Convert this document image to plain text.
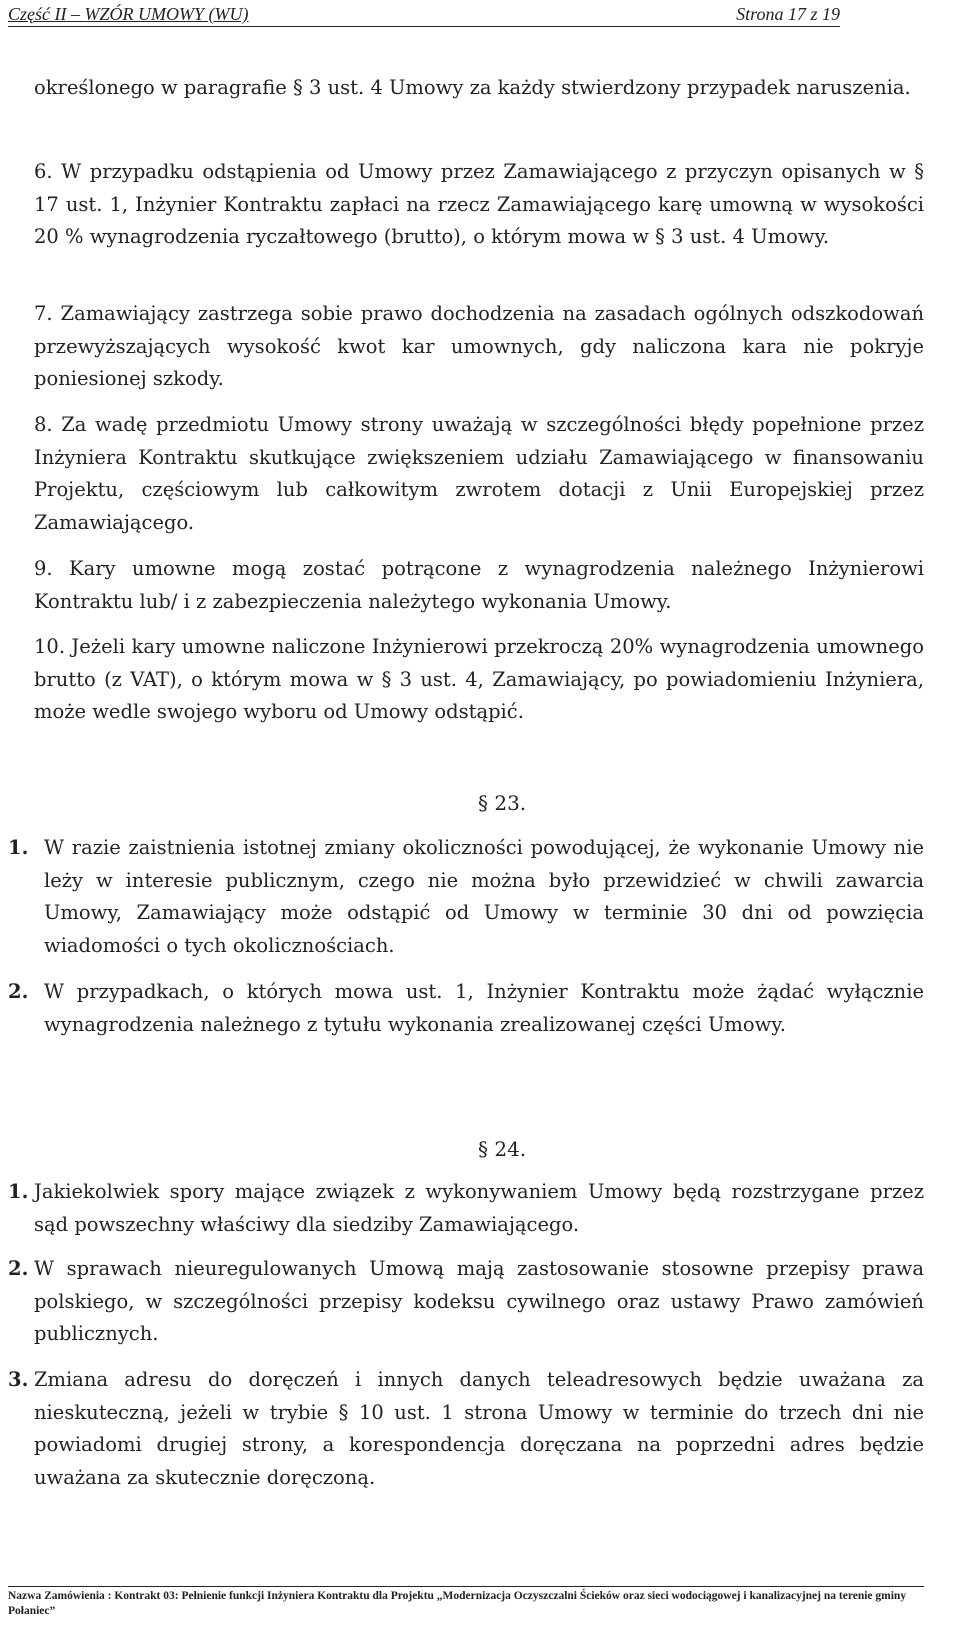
Część II – WZÓR UMOWY (WU)	Strona 17 z 19
określonego w paragrafie § 3 ust. 4 Umowy za każdy stwierdzony przypadek naruszenia.
6. W przypadku odstąpienia od Umowy przez Zamawiającego z przyczyn opisanych w § 17 ust. 1, Inżynier Kontraktu zapłaci na rzecz Zamawiającego karę umowną w wysokości 20 % wynagrodzenia ryczałtowego (brutto), o którym mowa w § 3 ust. 4 Umowy.
7. Zamawiający zastrzega sobie prawo dochodzenia na zasadach ogólnych odszkodowań przewyższających wysokość kwot kar umownych, gdy naliczona kara nie pokryje poniesionej szkody.
8. Za wadę przedmiotu Umowy strony uważają w szczególności błędy popełnione przez Inżyniera Kontraktu skutkujące zwiększeniem udziału Zamawiającego w finansowaniu Projektu, częściowym lub całkowitym zwrotem dotacji z Unii Europejskiej przez Zamawiającego.
9. Kary umowne mogą zostać potrącone z wynagrodzenia należnego Inżynierowi Kontraktu lub/ i z zabezpieczenia należytego wykonania Umowy.
10. Jeżeli kary umowne naliczone Inżynierowi przekroczą 20% wynagrodzenia umownego brutto (z VAT), o którym mowa w § 3 ust. 4, Zamawiający, po powiadomieniu Inżyniera, może wedle swojego wyboru od Umowy odstąpić.
§ 23.
1. W razie zaistnienia istotnej zmiany okoliczności powodującej, że wykonanie Umowy nie leży w interesie publicznym, czego nie można było przewidzieć w chwili zawarcia Umowy, Zamawiający może odstąpić od Umowy w terminie 30 dni od powzięcia wiadomości o tych okolicznościach.
2. W przypadkach, o których mowa ust. 1, Inżynier Kontraktu może żądać wyłącznie wynagrodzenia należnego z tytułu wykonania zrealizowanej części Umowy.
§ 24.
1. Jakiekolwiek spory mające związek z wykonywaniem Umowy będą rozstrzygane przez sąd powszechny właściwy dla siedziby Zamawiającego.
2. W sprawach nieuregulowanych Umową mają zastosowanie stosowne przepisy prawa polskiego, w szczególności przepisy kodeksu cywilnego oraz ustawy Prawo zamówień publicznych.
3. Zmiana adresu do doręczeń i innych danych teleadresowych będzie uważana za nieskuteczną, jeżeli w trybie § 10 ust. 1 strona Umowy w terminie do trzech dni nie powiadomi drugiej strony, a korespondencja doręczana na poprzedni adres będzie uważana za skutecznie doręczoną.
Nazwa Zamówienia : Kontrakt 03: Pełnienie funkcji Inżyniera Kontraktu dla Projektu „Modernizacja Oczyszczalni Ścieków oraz sieci wodociągowej i kanalizacyjnej na terenie gminy Połaniec”
